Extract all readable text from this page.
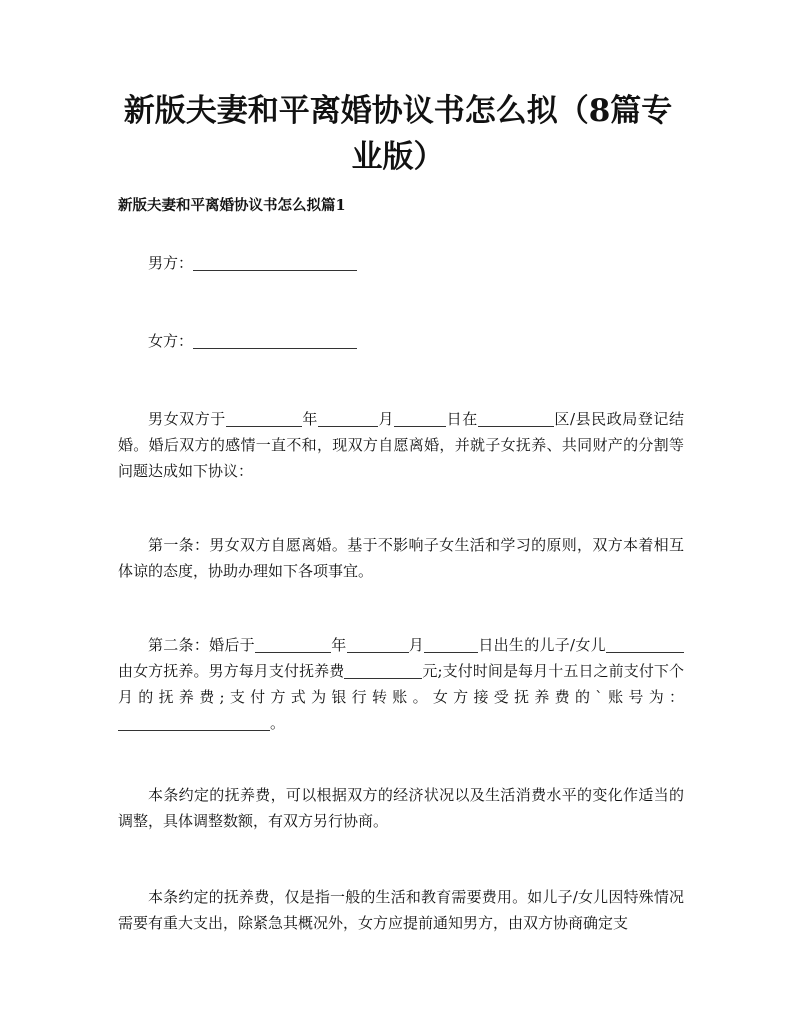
新版夫妻和平离婚协议书怎么拟（8篇专业版）

新版夫妻和平离婚协议书怎么拟篇1

男方：

女方：

男女双方于	年	月	日在	区/县民政局登记结婚。婚后双方的感情一直不和，现双方自愿离婚，并就子女抚养、共同财产的分割等问题达成如下协议：

第一条：男女双方自愿离婚。基于不影响子女生活和学习的原则，双方本着相互体谅的态度，协助办理如下各项事宜。

第二条：婚后于	年	月	日出生的儿子/女儿由女方抚养。男方每月支付抚养费	元;支付时间是每月十五日之前支付下个月的抚养费;支付方式为银行转账。女方接受抚养费的`账号为：。

本条约定的抚养费，可以根据双方的经济状况以及生活消费水平的变化作适当的调整，具体调整数额，有双方另行协商。

本条约定的抚养费，仅是指一般的生活和教育需要费用。如儿子/女儿因特殊情况需要有重大支出，除紧急其概况外，女方应提前通知男方，由双方协商确定支
